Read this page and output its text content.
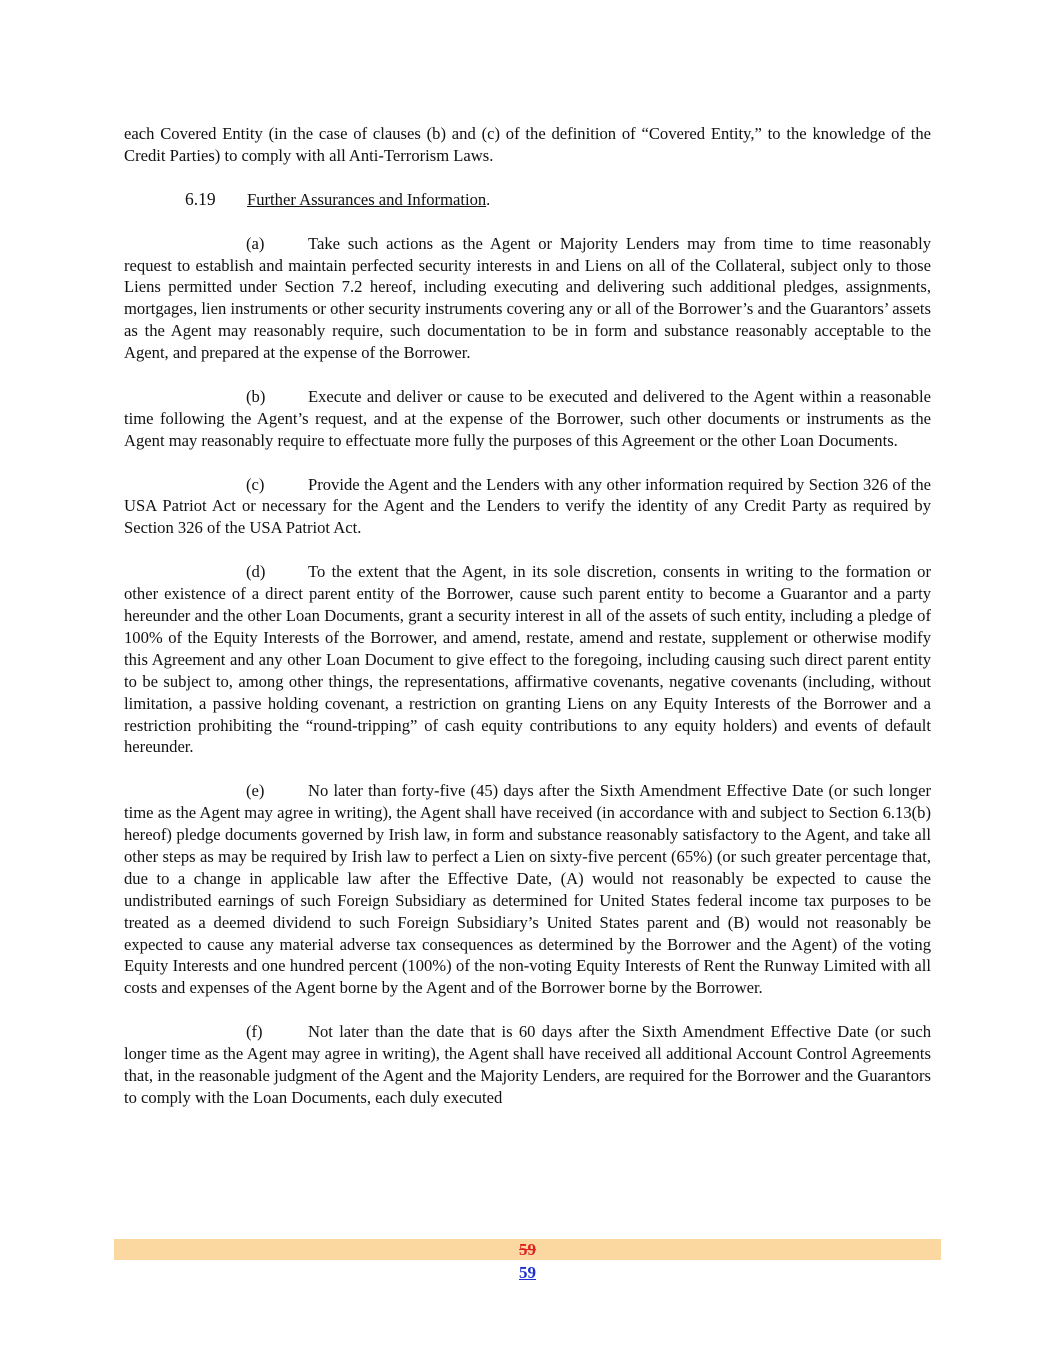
each Covered Entity (in the case of clauses (b) and (c) of the definition of “Covered Entity,” to the knowledge of the Credit Parties) to comply with all Anti-Terrorism Laws.

6.19 Further Assurances and Information.

(a)	Take such actions as the Agent or Majority Lenders may from time to time reasonably request to establish and maintain perfected security interests in and Liens on all of the Collateral, subject only to those Liens permitted under Section 7.2 hereof, including executing and delivering such additional pledges, assignments, mortgages, lien instruments or other security instruments covering any or all of the Borrower’s and the Guarantors’ assets as the Agent may reasonably require, such documentation to be in form and substance reasonably acceptable to the Agent, and prepared at the expense of the Borrower.

(b)	Execute and deliver or cause to be executed and delivered to the Agent within a reasonable time following the Agent’s request, and at the expense of the Borrower, such other documents or instruments as the Agent may reasonably require to effectuate more fully the purposes of this Agreement or the other Loan Documents.

(c)	Provide the Agent and the Lenders with any other information required by Section 326 of the USA Patriot Act or necessary for the Agent and the Lenders to verify the identity of any Credit Party as required by Section 326 of the USA Patriot Act.

(d)	To the extent that the Agent, in its sole discretion, consents in writing to the formation or other existence of a direct parent entity of the Borrower, cause such parent entity to become a Guarantor and a party hereunder and the other Loan Documents, grant a security interest in all of the assets of such entity, including a pledge of 100% of the Equity Interests of the Borrower, and amend, restate, amend and restate, supplement or otherwise modify this Agreement and any other Loan Document to give effect to the foregoing, including causing such direct parent entity to be subject to, among other things, the representations, affirmative covenants, negative covenants (including, without limitation, a passive holding covenant, a restriction on granting Liens on any Equity Interests of the Borrower and a restriction prohibiting the “round-tripping” of cash equity contributions to any equity holders) and events of default hereunder.

(e)	No later than forty-five (45) days after the Sixth Amendment Effective Date (or such longer time as the Agent may agree in writing), the Agent shall have received (in accordance with and subject to Section 6.13(b) hereof) pledge documents governed by Irish law, in form and substance reasonably satisfactory to the Agent, and take all other steps as may be required by Irish law to perfect a Lien on sixty-five percent (65%) (or such greater percentage that, due to a change in applicable law after the Effective Date, (A) would not reasonably be expected to cause the undistributed earnings of such Foreign Subsidiary as determined for United States federal income tax purposes to be treated as a deemed dividend to such Foreign Subsidiary’s United States parent and (B) would not reasonably be expected to cause any material adverse tax consequences as determined by the Borrower and the Agent) of the voting Equity Interests and one hundred percent (100%) of the non-voting Equity Interests of Rent the Runway Limited with all costs and expenses of the Agent borne by the Agent and of the Borrower borne by the Borrower.

(f)	Not later than the date that is 60 days after the Sixth Amendment Effective Date (or such longer time as the Agent may agree in writing), the Agent shall have received all additional Account Control Agreements that, in the reasonable judgment of the Agent and the Majority Lenders, are required for the Borrower and the Guarantors to comply with the Loan Documents, each duly executed

59
59
